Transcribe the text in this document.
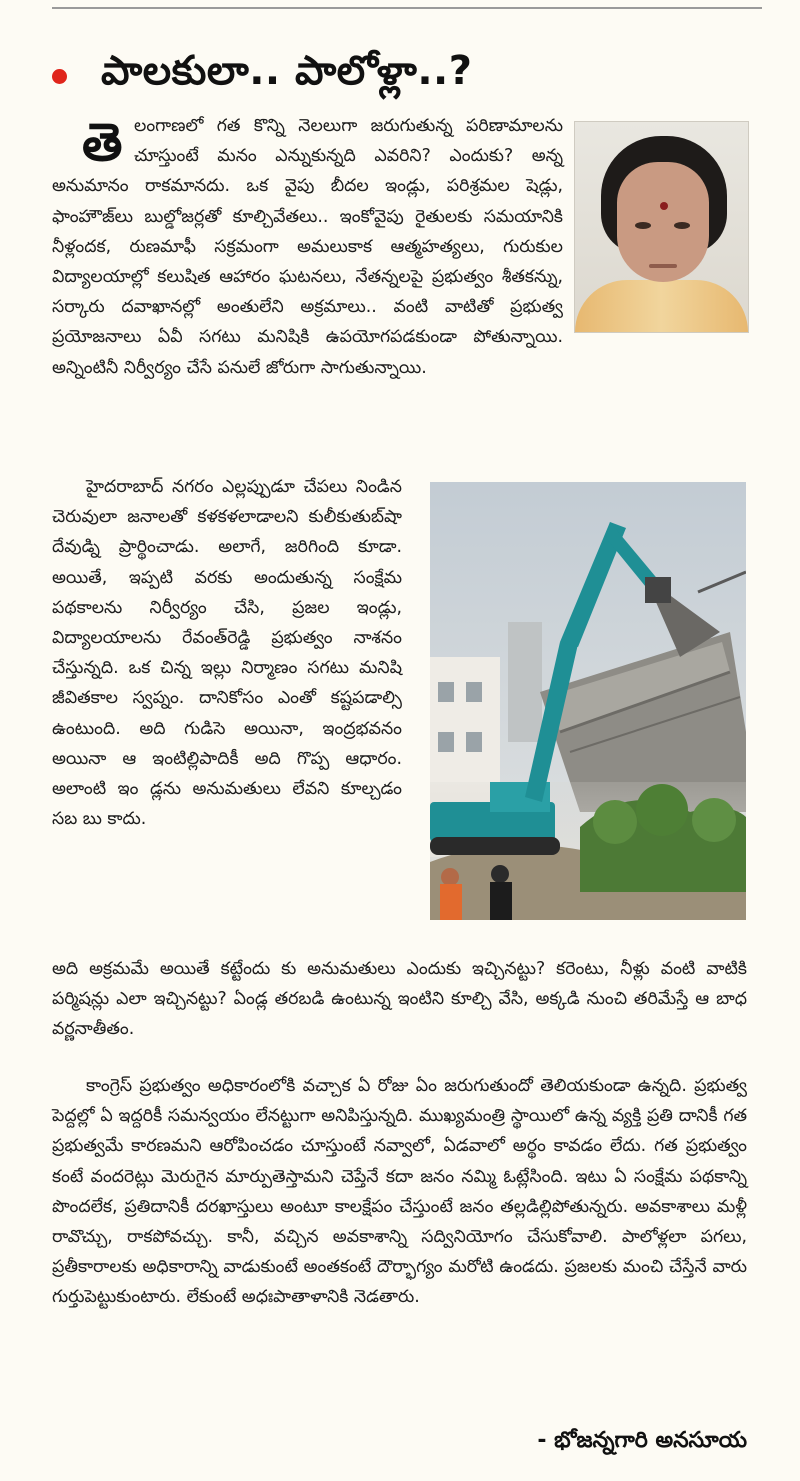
పాలకులా.. పాలోళ్లా..?
తె లంగాణలో గత కొన్ని నెలలుగా జరుగుతున్న పరిణామాలను చూస్తుంటే మనం ఎన్నుకున్నది ఎవరిని? ఎందుకు? అన్న అనుమానం రాకమానదు. ఒక వైపు బీదల ఇండ్లు, పరిశ్రమల షెడ్లు, ఫాంహౌజ్‌లు బుల్డోజర్లతో కూల్చివేతలు.. ఇంకోవైపు రైతులకు సమయానికి నీళ్లందక, రుణమాఫీ సక్రమంగా అమలుకాక ఆత్మహత్యలు, గురుకుల విద్యాలయాల్లో కలుషిత ఆహారం ఘటనలు, నేతన్నలపై ప్రభుత్వం శీతకన్ను, సర్కారు దవాఖానల్లో అంతులేని అక్రమాలు.. వంటి వాటితో ప్రభుత్వ ప్రయోజనాలు ఏవీ సగటు మనిషికి ఉపయోగపడకుండా పోతున్నాయి. అన్నింటినీ నిర్వీర్యం చేసే పనులే జోరుగా సాగుతున్నాయి.
హైదరాబాద్ నగరం ఎల్లప్పుడూ చేపలు నిండిన చెరువులా జనాలతో కళకళలాడాలని కులీకుతుబ్‌షా దేవుడ్ని ప్రార్థించాడు. అలాగే, జరిగింది కూడా. అయితే, ఇప్పటి వరకు అందుతున్న సంక్షేమ పథకాలను నిర్వీర్యం చేసి, ప్రజల ఇండ్లు, విద్యాలయాలను రేవంత్‌రెడ్డి ప్రభుత్వం నాశనం చేస్తున్నది. ఒక చిన్న ఇల్లు నిర్మాణం సగటు మనిషి జీవితకాల స్వప్నం. దానికోసం ఎంతో కష్టపడాల్సి ఉంటుంది. అది గుడిసె అయినా, ఇంద్రభవనం అయినా ఆ ఇంటిల్లిపాదికీ అది గొప్ప ఆధారం. అలాంటి ఇం డ్లను అనుమతులు లేవని కూల్చడం సబ బు కాదు.
అది అక్రమమే అయితే కట్టేందు కు అనుమతులు ఎందుకు ఇచ్చినట్టు? కరెంటు, నీళ్లు వంటి వాటికి పర్మిషన్లు ఎలా ఇచ్చినట్టు? ఏండ్ల తరబడి ఉంటున్న ఇంటిని కూల్చి వేసి, అక్కడి నుంచి తరిమేస్తే ఆ బాధ వర్ణనాతీతం.
కాంగ్రెస్ ప్రభుత్వం అధికారంలోకి వచ్చాక ఏ రోజు ఏం జరుగుతుందో తెలియకుండా ఉన్నది. ప్రభుత్వ పెద్దల్లో ఏ ఇద్దరికీ సమన్వయం లేనట్టుగా అనిపిస్తున్నది. ముఖ్యమంత్రి స్థాయిలో ఉన్న వ్యక్తి ప్రతి దానికీ గత ప్రభుత్వమే కారణమని ఆరోపించడం చూస్తుంటే నవ్వాలో, ఏడవాలో అర్థం కావడం లేదు. గత ప్రభుత్వం కంటే వందరెట్లు మెరుగైన మార్పుతెస్తామని చెప్తేనే కదా జనం నమ్మి ఓట్లేసింది. ఇటు ఏ సంక్షేమ పథకాన్ని పొందలేక, ప్రతిదానికీ దరఖాస్తులు అంటూ కాలక్షేపం చేస్తుంటే జనం తల్లడిల్లిపోతున్నరు. అవకాశాలు మళ్లీ రావొచ్చు, రాకపోవచ్చు. కానీ, వచ్చిన అవకాశాన్ని సద్వినియోగం చేసుకోవాలి. పాలోళ్లలా పగలు, ప్రతీకారాలకు అధికారాన్ని వాడుకుంటే అంతకంటే దౌర్భాగ్యం మరోటి ఉండదు. ప్రజలకు మంచి చేస్తేనే వారు గుర్తుపెట్టుకుంటారు. లేకుంటే అధఃపాతాళానికి నెడతారు.
- భోజన్నగారి అనసూయ
